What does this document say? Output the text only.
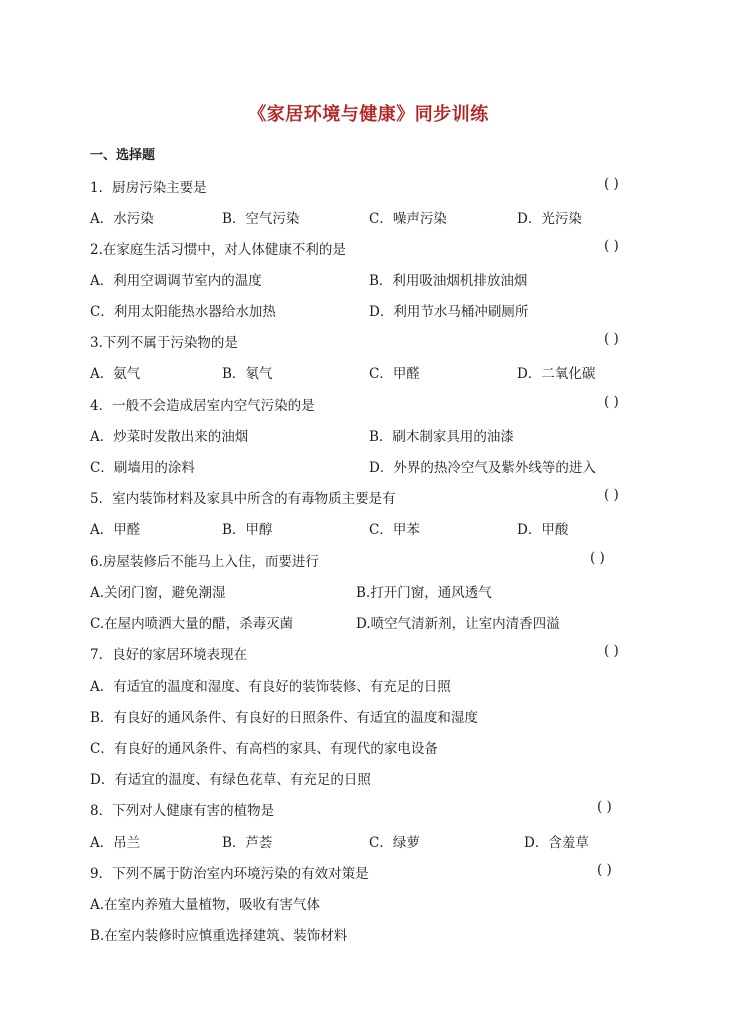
《家居环境与健康》同步训练
一、选择题
1．厨房污染主要是	( )
A．水污染	B．空气污染	C．噪声污染	D．光污染
2.在家庭生活习惯中，对人体健康不利的是	( )
A．利用空调调节室内的温度	B．利用吸油烟机排放油烟
C．利用太阳能热水器给水加热	D．利用节水马桶冲刷厕所
3.下列不属于污染物的是	( )
A．氨气	B．氡气	C．甲醛	D．二氧化碳
4．一般不会造成居室内空气污染的是	( )
A．炒菜时发散出来的油烟	B．刷木制家具用的油漆
C．刷墙用的涂料	D．外界的热冷空气及紫外线等的进入
5．室内装饰材料及家具中所含的有毒物质主要是有	( )
A．甲醛	B．甲醇	C．甲苯	D．甲酸
6.房屋装修后不能马上入住，而要进行	( )
A.关闭门窗，避免潮湿	B.打开门窗，通风透气
C.在屋内喷洒大量的醋，杀毒灭菌	D.喷空气清新剂，让室内清香四溢
7．良好的家居环境表现在	( )
A．有适宜的温度和湿度、有良好的装饰装修、有充足的日照
B．有良好的通风条件、有良好的日照条件、有适宜的温度和湿度
C．有良好的通风条件、有高档的家具、有现代的家电设备
D．有适宜的温度、有绿色花草、有充足的日照
8．下列对人健康有害的植物是	( )
A．吊兰	B．芦荟	C．绿萝	D．含羞草
9．下列不属于防治室内环境污染的有效对策是	( )
A.在室内养殖大量植物，吸收有害气体
B.在室内装修时应慎重选择建筑、装饰材料
